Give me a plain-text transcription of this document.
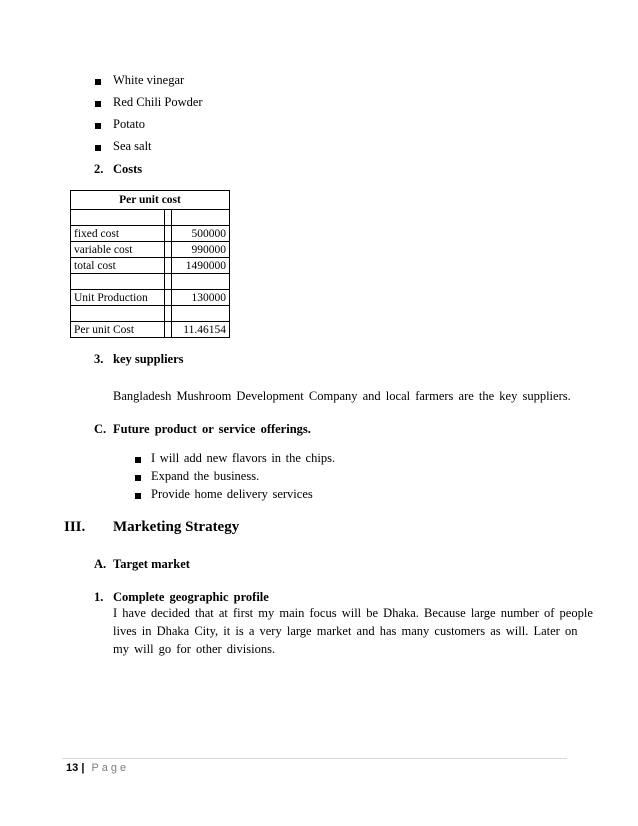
White vinegar
Red Chili Powder
Potato
Sea salt
2. Costs
Per unit cost		

fixed cost		500000
variable cost		990000
total cost		1490000

Unit Production		130000

Per unit Cost		11.46154
3. key suppliers
Bangladesh Mushroom Development Company and local farmers are the key suppliers.
C. Future product or service offerings.
I will add new flavors in the chips.
Expand the business.
Provide home delivery services
III. Marketing Strategy
A. Target market
1. Complete geographic profile
I have decided that at first my main focus will be Dhaka. Because large number of people
lives in Dhaka City, it is a very large market and has many customers as will. Later on
my will go for other divisions.
13 | Page
